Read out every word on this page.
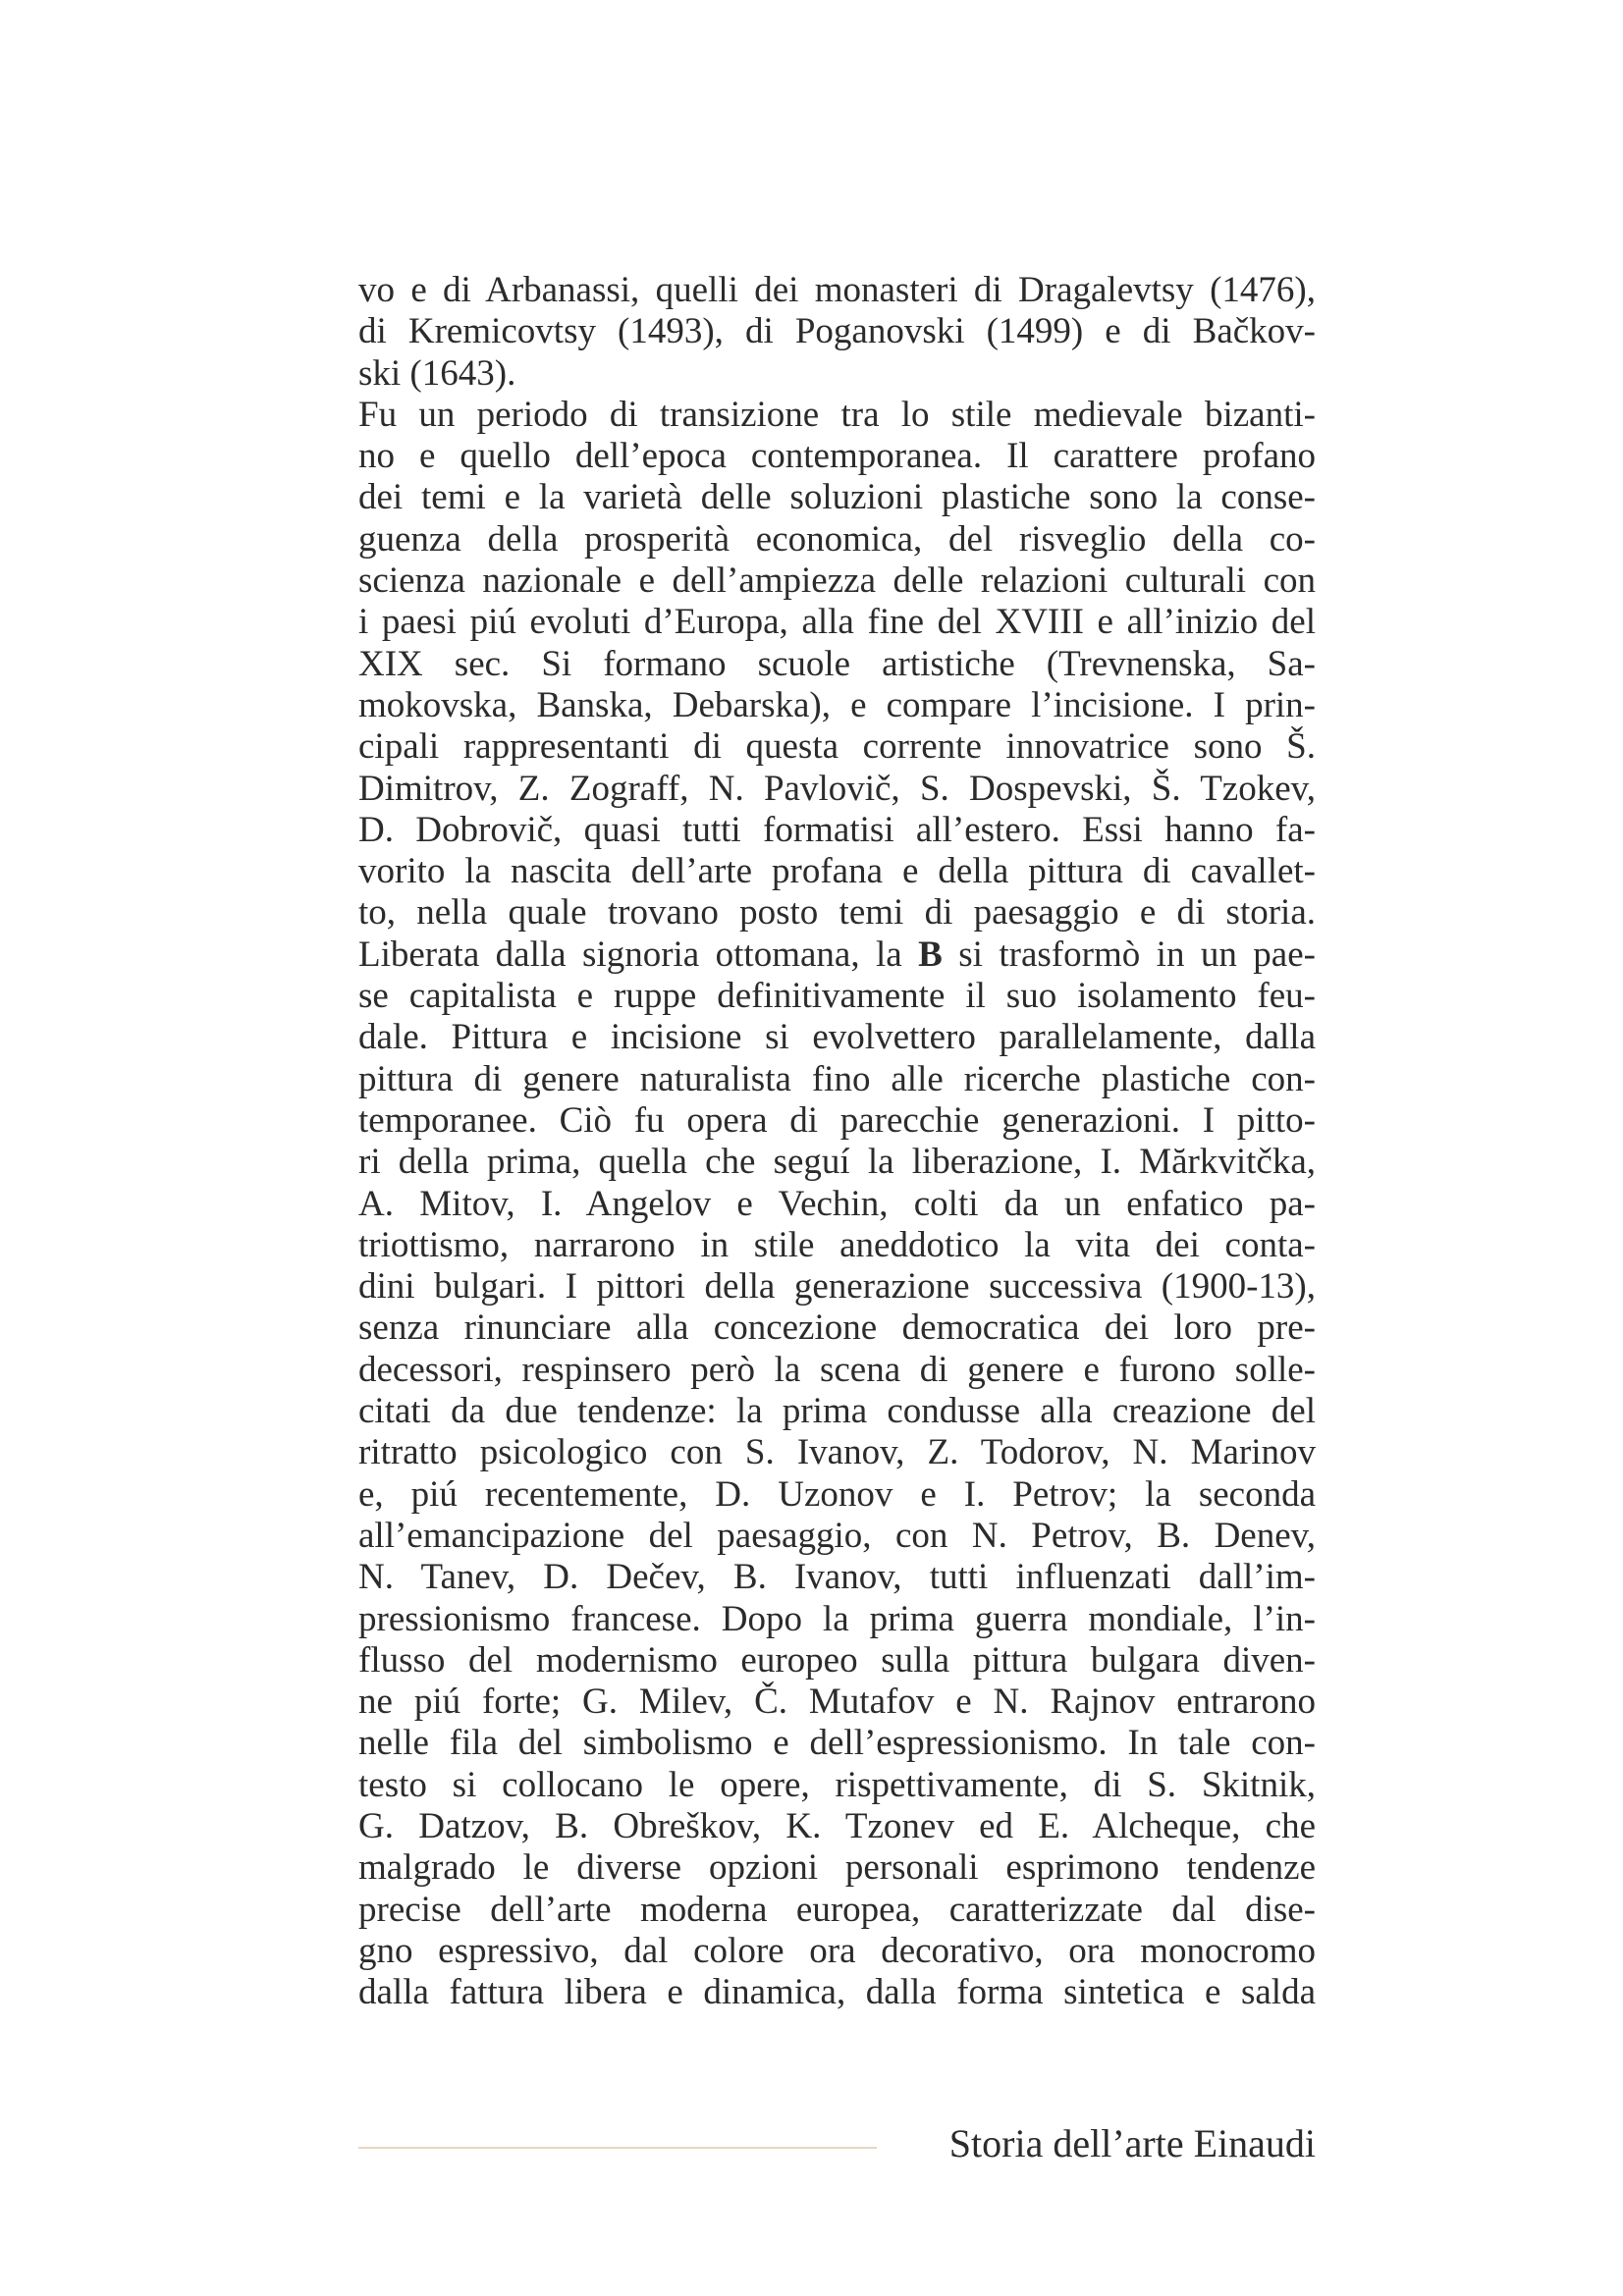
vo e di Arbanassi, quelli dei monasteri di Dragalevtsy (1476),
di Kremicovtsy (1493), di Poganovski (1499) e di Bačkov-
ski (1643).
Fu un periodo di transizione tra lo stile medievale bizanti-
no e quello dell’epoca contemporanea. Il carattere profano
dei temi e la varietà delle soluzioni plastiche sono la conse-
guenza della prosperità economica, del risveglio della co-
scienza nazionale e dell’ampiezza delle relazioni culturali con
i paesi piú evoluti d’Europa, alla fine del XVIII e all’inizio del
XIX sec. Si formano scuole artistiche (Trevnenska, Sa-
mokovska, Banska, Debarska), e compare l’incisione. I prin-
cipali rappresentanti di questa corrente innovatrice sono Š.
Dimitrov, Z. Zograff, N. Pavlovič, S. Dospevski, Š. Tzokev,
D. Dobrovič, quasi tutti formatisi all’estero. Essi hanno fa-
vorito la nascita dell’arte profana e della pittura di cavallet-
to, nella quale trovano posto temi di paesaggio e di storia.
Liberata dalla signoria ottomana, la B si trasformò in un pae-
se capitalista e ruppe definitivamente il suo isolamento feu-
dale. Pittura e incisione si evolvettero parallelamente, dalla
pittura di genere naturalista fino alle ricerche plastiche con-
temporanee. Ciò fu opera di parecchie generazioni. I pitto-
ri della prima, quella che seguí la liberazione, I. Mărkvitčka,
A. Mitov, I. Angelov e Vechin, colti da un enfatico pa-
triottismo, narrarono in stile aneddotico la vita dei conta-
dini bulgari. I pittori della generazione successiva (1900-13),
senza rinunciare alla concezione democratica dei loro pre-
decessori, respinsero però la scena di genere e furono solle-
citati da due tendenze: la prima condusse alla creazione del
ritratto psicologico con S. Ivanov, Z. Todorov, N. Marinov
e, piú recentemente, D. Uzonov e I. Petrov; la seconda
all’emancipazione del paesaggio, con N. Petrov, B. Denev,
N. Tanev, D. Dečev, B. Ivanov, tutti influenzati dall’im-
pressionismo francese. Dopo la prima guerra mondiale, l’in-
flusso del modernismo europeo sulla pittura bulgara diven-
ne piú forte; G. Milev, Č. Mutafov e N. Rajnov entrarono
nelle fila del simbolismo e dell’espressionismo. In tale con-
testo si collocano le opere, rispettivamente, di S. Skitnik,
G. Datzov, B. Obreškov, K. Tzonev ed E. Alcheque, che
malgrado le diverse opzioni personali esprimono tendenze
precise dell’arte moderna europea, caratterizzate dal dise-
gno espressivo, dal colore ora decorativo, ora monocromo
dalla fattura libera e dinamica, dalla forma sintetica e salda
Storia dell’arte Einaudi
